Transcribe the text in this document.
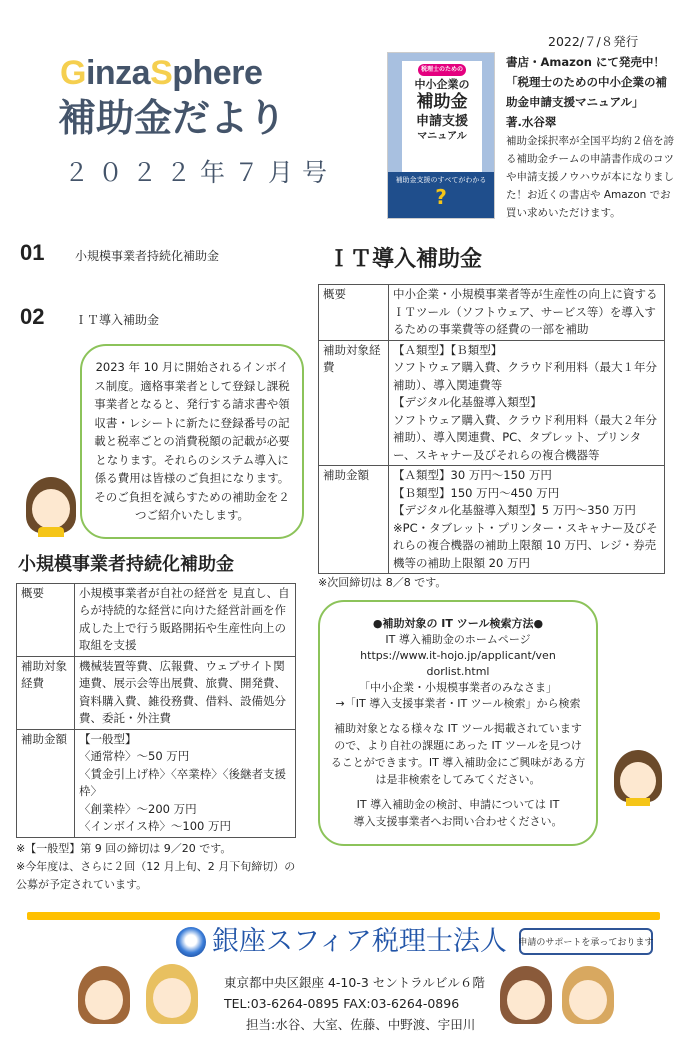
GinzaSphere
補助金だより
２０２２年７月号
税理士のための
中小企業の
補助金
申請支援
マニュアル
補助金支援のすべてがわかる
?
2022/７/８発行
書店・Amazon にて発売中！
「税理士のための中小企業の補助金申請支援マニュアル」
著.水谷翠
補助金採択率が全国平均約２倍を誇る補助金チームの申請書作成のコツや申請支援ノウハウが本になりました！お近くの書店や Amazon でお買い求めいただけます。
01	小規模事業者持続化補助金
02	ＩＴ導入補助金
2023 年 10 月に開始されるインボイス制度。適格事業者として登録し課税事業者となると、発行する請求書や領収書・レシートに新たに登録番号の記載と税率ごとの消費税額の記載が必要となります。それらのシステム導入に係る費用は皆様のご負担になります。そのご負担を減らすための補助金を２つご紹介いたします。
小規模事業者持続化補助金
概要	小規模事業者が自社の経営を 見直し、自らが持続的な経営に向けた経営計画を作成した上で行う販路開拓や生産性向上の取組を支援
補助対象経費	機械装置等費、広報費、ウェブサイト関連費、展示会等出展費、旅費、開発費、資料購入費、雑役務費、借料、設備処分費、委託・外注費
補助金額	【一般型】
〈通常枠〉～50 万円
〈賃金引上げ枠〉〈卒業枠〉〈後継者支援枠〉
〈創業枠〉～200 万円
〈インボイス枠〉～100 万円
※【一般型】第 9 回の締切は 9／20 です。
※今年度は、さらに２回（12 月上旬、2 月下旬締切）の公募が予定されています。
ＩＴ導入補助金
概要	中小企業・小規模事業者等が生産性の向上に資するＩＴツール（ソフトウェア、サービス等）を導入するための事業費等の経費の一部を補助
補助対象経費	【Ａ類型】【Ｂ類型】
ソフトウェア購入費、クラウド利用料（最大１年分補助）、導入関連費等
【デジタル化基盤導入類型】
ソフトウェア購入費、クラウド利用料（最大２年分補助）、導入関連費、PC、タブレット、プリンター、スキャナー及びそれらの複合機器等

補助金額	【Ａ類型】30 万円～150 万円
【Ｂ類型】150 万円～450 万円
【デジタル化基盤導入類型】5 万円～350 万円
※PC・タブレット・プリンター・スキャナー及びそれらの複合機器の補助上限額 10 万円、レジ・券売機等の補助上限額 20 万円
※次回締切は 8／8 です。
●補助対象の IT ツール検索方法●
IT 導入補助金のホームページ
https://www.it-hojo.jp/applicant/vendorlist.html
「中小企業・小規模事業者のみなさま」
→「IT 導入支援事業者・IT ツール検索」から検索
補助対象となる様々な IT ツール掲載されていますので、より自社の課題にあった IT ツールを見つけることができます。IT 導入補助金にご興味がある方は是非検索をしてみてください。
IT 導入補助金の検討、申請については IT 導入支援事業者へお問い合わせください。
銀座スフィア税理士法人 申請のサポートを承っております
東京都中央区銀座 4-10-3 セントラルビル６階
TEL:03-6264-0895 FAX:03-6264-0896
担当:水谷、大室、佐藤、中野渡、宇田川
